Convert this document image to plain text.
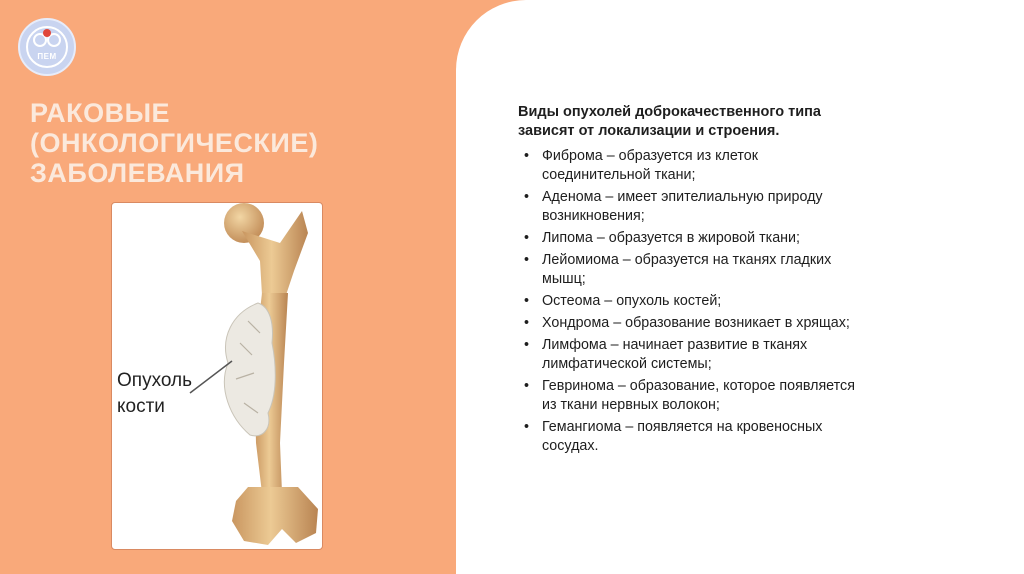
ПЕМ
РАКОВЫЕ
(ОНКОЛОГИЧЕСКИЕ)
ЗАБОЛЕВАНИЯ
Опухоль
кости

Виды опухолей доброкачественного типа
зависят от локализации и строения.

• Фиброма – образуется из клеток
соединительной ткани;
• Аденома – имеет эпителиальную природу
возникновения;
• Липома – образуется в жировой ткани;
• Лейомиома – образуется на тканях гладких
мышц;
• Остеома – опухоль костей;
• Хондрома – образование возникает в хрящах;
• Лимфома – начинает развитие в тканях
лимфатической системы;
• Гевринома – образование, которое появляется
из ткани нервных волокон;
• Гемангиома – появляется на кровеносных
сосудах.
